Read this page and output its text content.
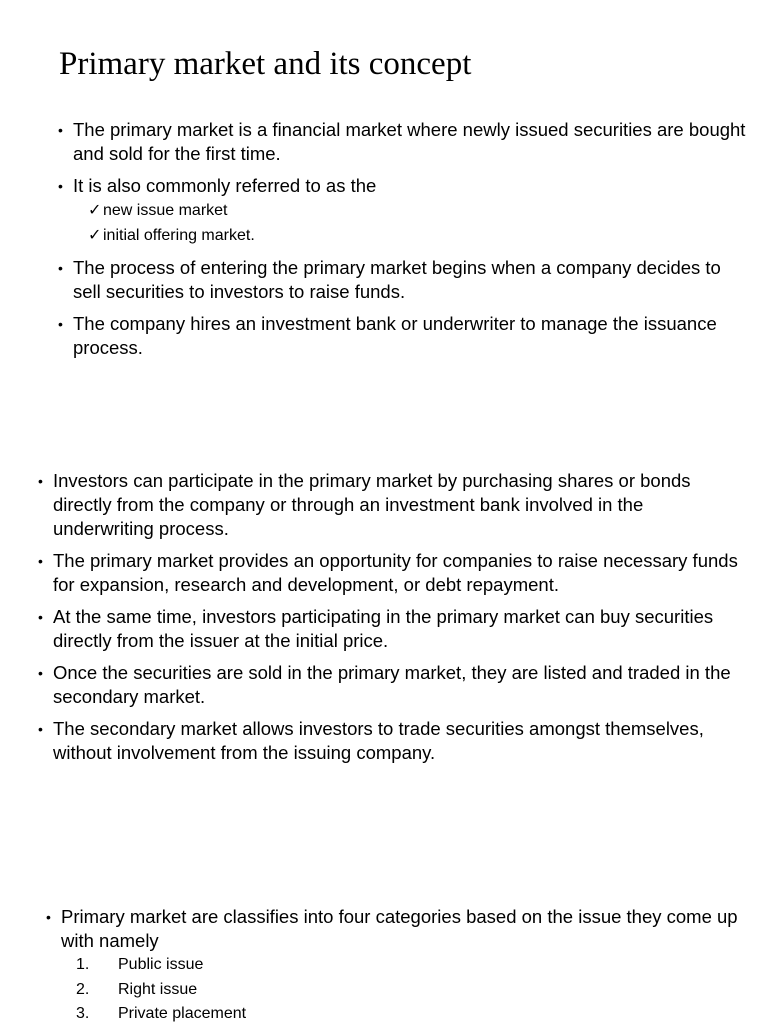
Primary market and its concept
• The primary market is a financial market where newly issued securities are bought and sold for the first time.
• It is also commonly referred to as the
✓new issue market
✓initial offering market.
• The process of entering the primary market begins when a company decides to sell securities to investors to raise funds.
• The company hires an investment bank or underwriter to manage the issuance process.
• Investors can participate in the primary market by purchasing shares or bonds directly from the company or through an investment bank involved in the underwriting process.
• The primary market provides an opportunity for companies to raise necessary funds for expansion, research and development, or debt repayment.
• At the same time, investors participating in the primary market can buy securities directly from the issuer at the initial price.
• Once the securities are sold in the primary market, they are listed and traded in the secondary market.
• The secondary market allows investors to trade securities amongst themselves, without involvement from the issuing company.
• Primary market are classifies into four categories based on the issue they come up with namely
1. Public issue
2. Right issue
3. Private placement
